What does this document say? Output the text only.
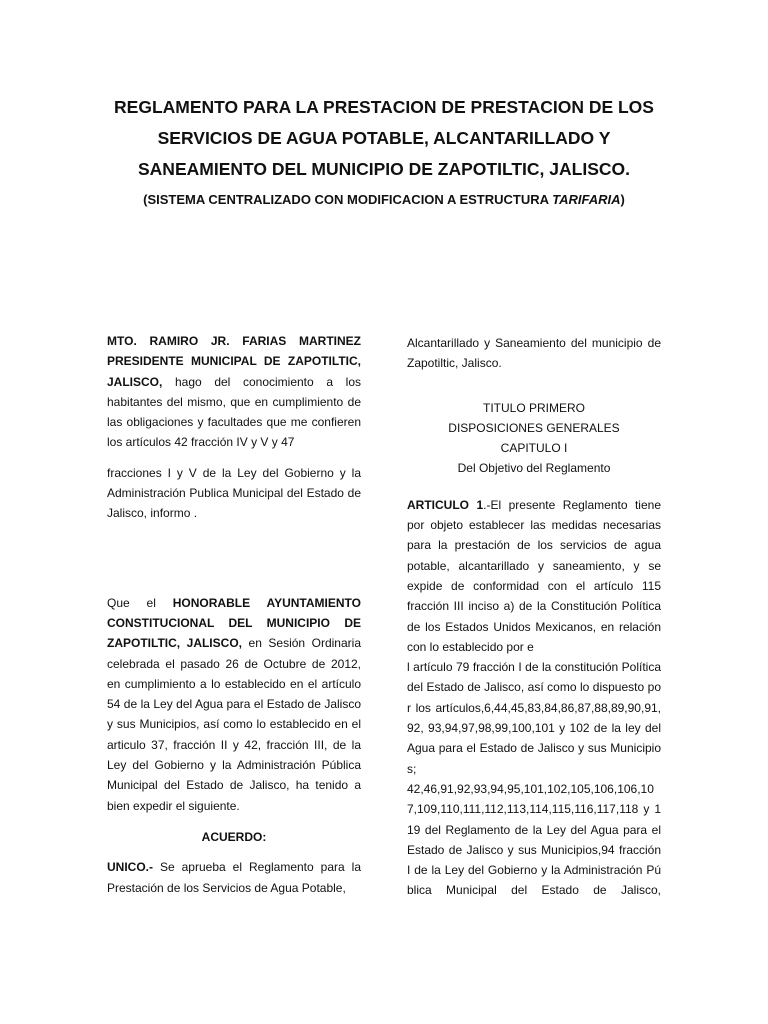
REGLAMENTO PARA LA PRESTACION DE PRESTACION DE LOS
SERVICIOS DE AGUA POTABLE, ALCANTARILLADO Y
SANEAMIENTO DEL MUNICIPIO DE ZAPOTILTIC, JALISCO.

(SISTEMA CENTRALIZADO CON MODIFICACION A ESTRUCTURA TARIFARIA)

MTO. RAMIRO JR. FARIAS MARTINEZ PRESIDENTE MUNICIPAL DE ZAPOTILTIC, JALISCO, hago del conocimiento a los habitantes del mismo, que en cumplimiento de las obligaciones y facultades que me confieren los artículos 42 fracción IV y V y 47

fracciones I y V de la Ley del Gobierno y la Administración Publica Municipal del Estado de Jalisco, informo .

Que el HONORABLE AYUNTAMIENTO CONSTITUCIONAL DEL MUNICIPIO DE ZAPOTILTIC, JALISCO, en Sesión Ordinaria celebrada el pasado 26 de Octubre de 2012, en cumplimiento a lo establecido en el artículo 54 de la Ley del Agua para el Estado de Jalisco y sus Municipios, así como lo establecido en el articulo 37, fracción II y 42, fracción III, de la Ley del Gobierno y la Administración Pública Municipal del Estado de Jalisco, ha tenido a bien expedir el siguiente.

ACUERDO:

UNICO.- Se aprueba el Reglamento para la Prestación de los Servicios de Agua Potable,

Alcantarillado y Saneamiento del municipio de Zapotiltic, Jalisco.

TITULO PRIMERO

DISPOSICIONES GENERALES

CAPITULO I

Del Objetivo del Reglamento

ARTICULO 1.-El presente Reglamento tiene por objeto establecer las medidas necesarias para la prestación de los servicios de agua potable, alcantarillado y saneamiento, y se expide de conformidad con el artículo 115 fracción III inciso a) de la Constitución Política de los Estados Unidos Mexicanos, en relación con lo establecido por e

l artículo 79 fracción I de la constitución Política del Estado de Jalisco, así como lo dispuesto por los artículos,6,44,45,83,84,86,87,88,89,90,91,92, 93,94,97,98,99,100,101 y 102 de la ley del Agua para el Estado de Jalisco y sus Municipios;

42,46,91,92,93,94,95,101,102,105,106,106,107,109,110,111,112,113,114,115,116,117,118 y 119 del Reglamento de la Ley del Agua para el Estado de Jalisco y sus Municipios,94 fracción I de la Ley del Gobierno y la Administración Pública Municipal del Estado de Jalisco,
